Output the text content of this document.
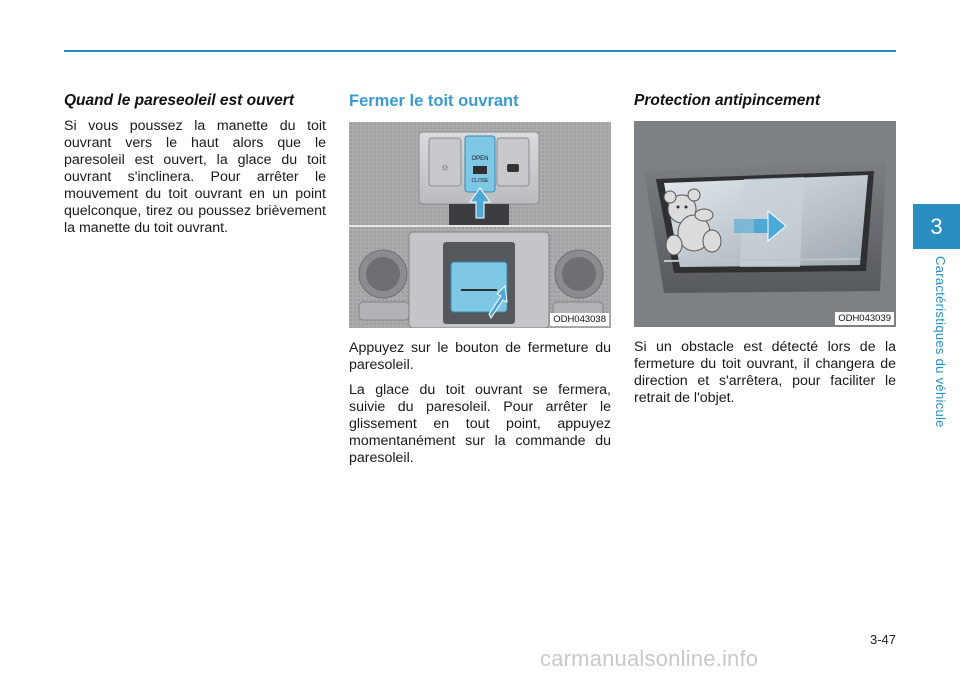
Quand le pareseoleil est ouvert

Si vous poussez la manette du toit ouvrant vers le haut alors que le paresoleil est ouvert, la glace du toit ouvrant s'inclinera. Pour arrêter le mouvement du toit ouvrant en un point quelconque, tirez ou poussez brièvement la manette du toit ouvrant.

Fermer le toit ouvrant
OPEN
CLOSE
☼
ODH043038

Appuyez sur le bouton de fermeture du paresoleil.

La glace du toit ouvrant se fermera, suivie du paresoleil. Pour arrêter le glissement en tout point, appuyez momentanément sur la commande du paresoleil.

Protection antipincement
ODH043039

Si un obstacle est détecté lors de la fermeture du toit ouvrant, il changera de direction et s'arrêtera, pour faciliter le retrait de l'objet.

3
Caractéristiques du véhicule
3-47
carmanualsonline.info
